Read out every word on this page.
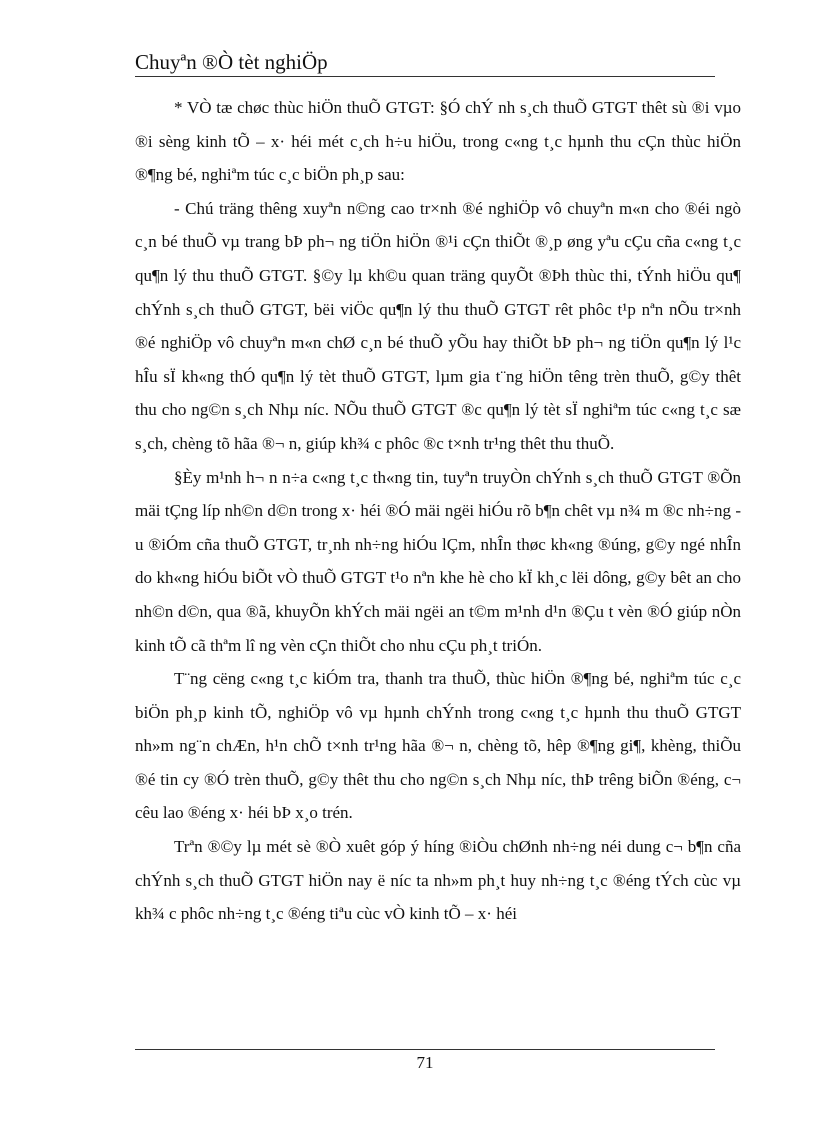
Chuyªn ®Ò tèt nghiÖp

* VÒ tæ chøc thùc hiÖn thuÕ GTGT: §Ó chÝ nh s¸ch thuÕ GTGT thêt sù ®i vµo ®i sèng kinh tÕ – x· héi mét c¸ch h÷u hiÖu, trong c«ng t¸c hµnh thu cÇn thùc hiÖn ®¶ng bé, nghiªm túc c¸c biÖn ph¸p sau:

- Chú träng thêng xuyªn n©ng cao tr×nh ®é nghiÖp vô chuyªn m«n cho ®éi ngò c¸n bé thuÕ vµ trang bÞ ph¬ ng tiÖn hiÖn ®¹i cÇn thiÕt ®¸p øng yªu cÇu cña c«ng t¸c qu¶n lý thu thuÕ GTGT. §©y lµ kh©u quan träng quyÕt ®Þh thùc thi, tÝnh hiÖu qu¶ chÝnh s¸ch thuÕ GTGT, bëi viÖc qu¶n lý thu thuÕ GTGT rêt phôc t¹p nªn nÕu tr×nh ®é nghiÖp vô chuyªn m«n chØ c¸n bé thuÕ yÕu hay thiÕt bÞ ph¬ ng tiÖn qu¶n lý l¹c hÎu sÏ kh«ng thÓ qu¶n lý tèt thuÕ GTGT, lµm gia t¨ng hiÖn têng trèn thuÕ, g©y thêt thu cho ng©n s¸ch Nhµ níc. NÕu thuÕ GTGT ®c qu¶n lý tèt sÏ nghiªm túc c«ng t¸c sæ s¸ch, chèng tõ hãa ®¬ n, giúp kh¾ c phôc ®c t×nh tr¹ng thêt thu thuÕ.

§Èy m¹nh h¬ n n÷a c«ng t¸c th«ng tin, tuyªn truyÒn chÝnh s¸ch thuÕ GTGT ®Õn mäi tÇng líp nh©n d©n trong x· héi ®Ó mäi ngëi hiÓu rõ b¶n chêt vµ n¾ m ®c nh÷ng u ®iÓm cña thuÕ GTGT, tr¸nh nh÷ng hiÓu lÇm, nhÎn thøc kh«ng ®úng, g©y ngé nhÎn do kh«ng hiÓu biÕt vÒ thuÕ GTGT t¹o nªn khe hè cho kÏ kh¸c lëi dông, g©y bêt an cho nh©n d©n, qua ®ã, khuyÕn khÝch mäi ngëi an t©m m¹nh d¹n ®Çu t vèn ®Ó giúp nÒn kinh tÕ cã thªm lî ng vèn cÇn thiÕt cho nhu cÇu ph¸t triÓn.

T¨ng cëng c«ng t¸c kiÓm tra, thanh tra thuÕ, thùc hiÖn ®¶ng bé, nghiªm túc c¸c biÖn ph¸p kinh tÕ, nghiÖp vô vµ hµnh chÝnh trong c«ng t¸c hµnh thu thuÕ GTGT nh»m ng¨n chÆn, h¹n chÕ t×nh tr¹ng hãa ®¬ n, chèng tõ, hêp ®¶ng gi¶, khèng, thiÕu ®é tin cy ®Ó trèn thuÕ, g©y thêt thu cho ng©n s¸ch Nhµ níc, thÞ trêng biÕn ®éng, c¬ cêu lao ®éng x· héi bÞ x¸o trén.

Trªn ®©y lµ mét sè ®Ò xuêt góp ý híng ®iÒu chØnh nh÷ng néi dung c¬ b¶n cña chÝnh s¸ch thuÕ GTGT hiÖn nay ë níc ta nh»m ph¸t huy nh÷ng t¸c ®éng tÝch cùc vµ kh¾ c phôc nh÷ng t¸c ®éng tiªu cùc vÒ kinh tÕ – x· héi

71
